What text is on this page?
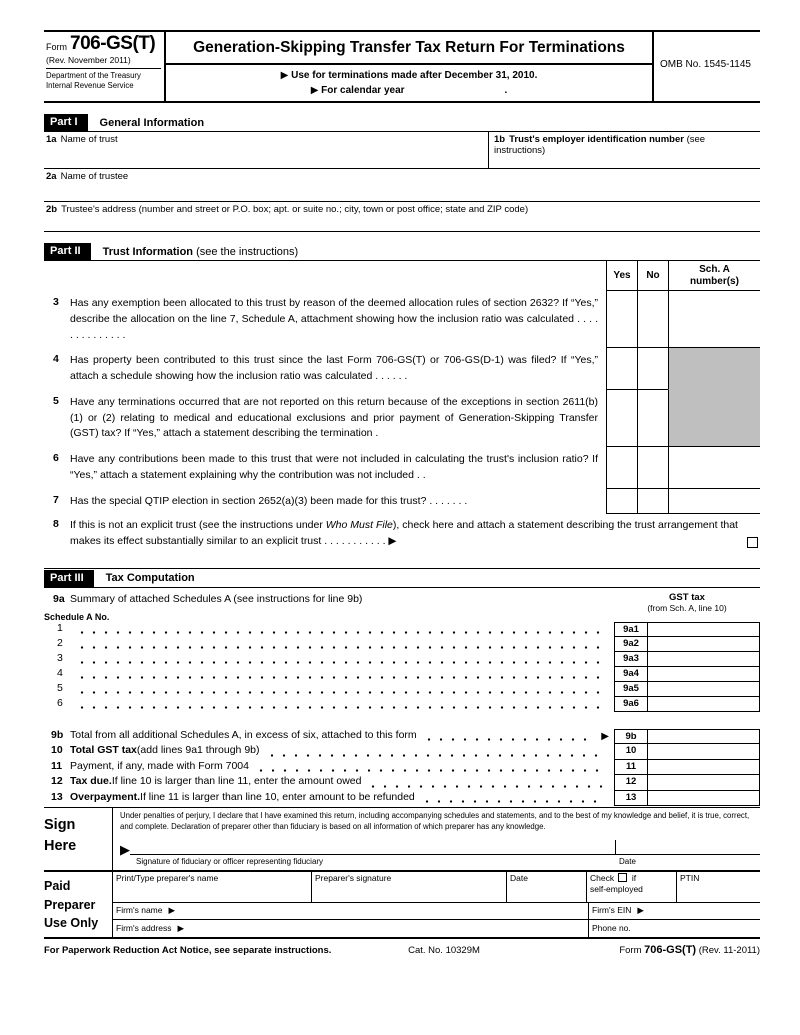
Form 706-GS(T)
(Rev. November 2011)
Department of the Treasury
Internal Revenue Service
Generation-Skipping Transfer Tax Return For Terminations
▶ Use for terminations made after December 31, 2010.
▶ For calendar year	.
OMB No. 1545-1145
Part I	General Information
1a Name of trust	1b Trust's employer identification number (see instructions)
2a Name of trustee
2b Trustee's address (number and street or P.O. box; apt. or suite no.; city, town or post office; state and ZIP code)
Part II	Trust Information (see the instructions)
Yes	No
Sch. A
number(s)
3	Has any exemption been allocated to this trust by reason of the deemed allocation rules of section 2632? If “Yes,” describe the allocation on the line 7, Schedule A, attachment showing how the inclusion ratio was calculated . . . . . . . . . . . . . .
4	Has property been contributed to this trust since the last Form 706-GS(T) or 706-GS(D-1) was filed? If “Yes,” attach a schedule showing how the inclusion ratio was calculated . . . . . .
5	Have any terminations occurred that are not reported on this return because of the exceptions in section 2611(b)(1) or (2) relating to medical and educational exclusions and prior payment of Generation-Skipping Transfer (GST) tax? If “Yes,” attach a statement describing the termination .
6	Have any contributions been made to this trust that were not included in calculating the trust's inclusion ratio? If “Yes,” attach a statement explaining why the contribution was not included . .
7	Has the special QTIP election in section 2652(a)(3) been made for this trust? . . . . . . .
8	If this is not an explicit trust (see the instructions under Who Must File), check here and attach a statement describing the trust arrangement that makes its effect substantially similar to an explicit trust . . . . . . . . . . . ▶
Part III	Tax Computation
9a Summary of attached Schedules A (see instructions for line 9b)
Schedule A No.
GST tax
(from Sch. A, line 10)
1	9a1
2	9a2
3	9a3
4	9a4
5	9a5
6	9a6
9b Total from all additional Schedules A, in excess of six, attached to this form	▶	9b
10 Total GST tax (add lines 9a1 through 9b)	10
11 Payment, if any, made with Form 7004	11
12 Tax due. If line 10 is larger than line 11, enter the amount owed	12
13 Overpayment. If line 11 is larger than line 10, enter amount to be refunded	13
Sign
Here
Under penalties of perjury, I declare that I have examined this return, including accompanying schedules and statements, and to the best of my knowledge and belief, it is true, correct, and complete. Declaration of preparer other than fiduciary is based on all information of which preparer has any knowledge.
▶
Signature of fiduciary or officer representing fiduciary	Date
Paid
Preparer
Use Only
Print/Type preparer's name	Preparer's signature	Date	Check if
self-employed
PTIN
Firm's name ▶	Firm's EIN ▶
Firm's address ▶	Phone no.
For Paperwork Reduction Act Notice, see separate instructions.	Cat. No. 10329M	Form 706-GS(T) (Rev. 11-2011)
